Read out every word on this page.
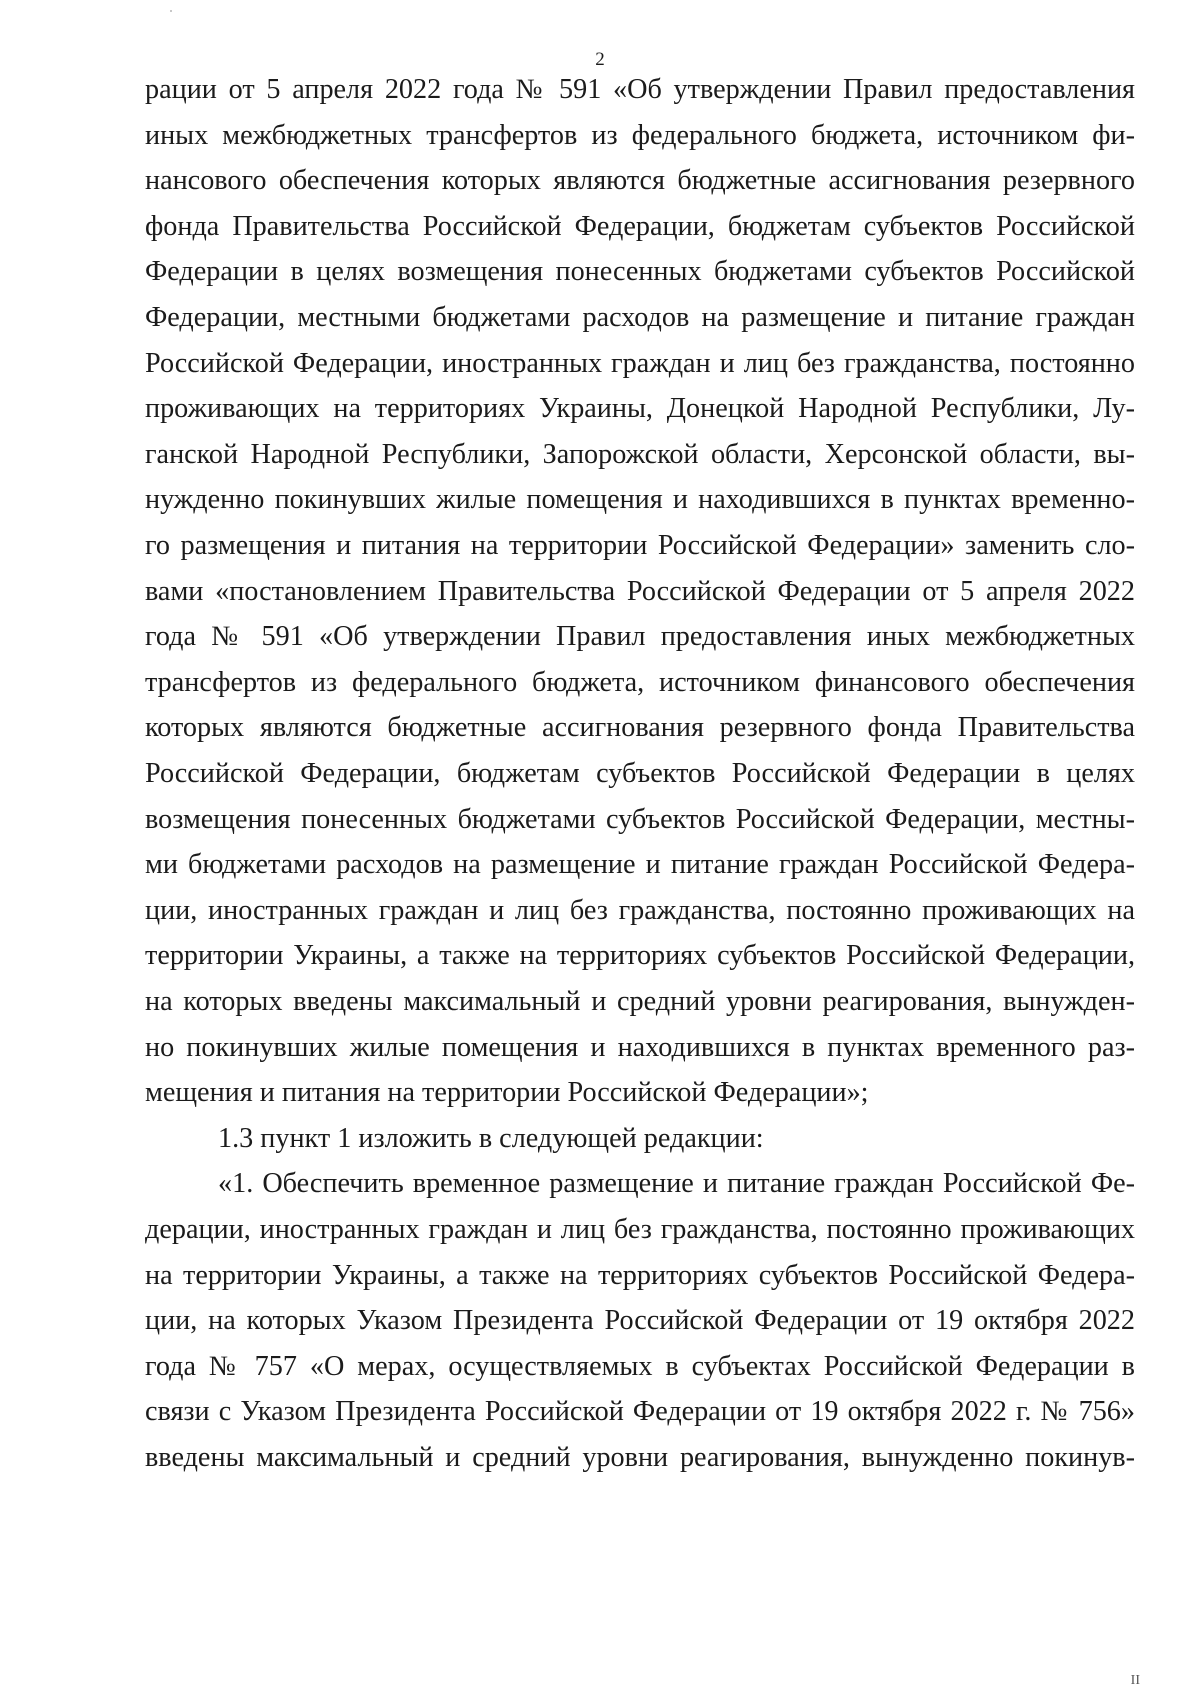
2
рации от 5 апреля 2022 года № 591 «Об утверждении Правил предоставления
иных межбюджетных трансфертов из федерального бюджета, источником фи-
нансового обеспечения которых являются бюджетные ассигнования резервного
фонда Правительства Российской Федерации, бюджетам субъектов Российской
Федерации в целях возмещения понесенных бюджетами субъектов Российской
Федерации, местными бюджетами расходов на размещение и питание граждан
Российской Федерации, иностранных граждан и лиц без гражданства, постоянно
проживающих на территориях Украины, Донецкой Народной Республики, Лу-
ганской Народной Республики, Запорожской области, Херсонской области, вы-
нужденно покинувших жилые помещения и находившихся в пунктах временно-
го размещения и питания на территории Российской Федерации» заменить сло-
вами «постановлением Правительства Российской Федерации от 5 апреля 2022
года № 591 «Об утверждении Правил предоставления иных межбюджетных
трансфертов из федерального бюджета, источником финансового обеспечения
которых являются бюджетные ассигнования резервного фонда Правительства
Российской Федерации, бюджетам субъектов Российской Федерации в целях
возмещения понесенных бюджетами субъектов Российской Федерации, местны-
ми бюджетами расходов на размещение и питание граждан Российской Федера-
ции, иностранных граждан и лиц без гражданства, постоянно проживающих на
территории Украины, а также на территориях субъектов Российской Федерации,
на которых введены максимальный и средний уровни реагирования, вынужден-
но покинувших жилые помещения и находившихся в пунктах временного раз-
мещения и питания на территории Российской Федерации»;
1.3 пункт 1 изложить в следующей редакции:
«1. Обеспечить временное размещение и питание граждан Российской Фе-
дерации, иностранных граждан и лиц без гражданства, постоянно проживающих
на территории Украины, а также на территориях субъектов Российской Федера-
ции, на которых Указом Президента Российской Федерации от 19 октября 2022
года № 757 «О мерах, осуществляемых в субъектах Российской Федерации в
связи с Указом Президента Российской Федерации от 19 октября 2022 г. № 756»
введены максимальный и средний уровни реагирования, вынужденно покинув-
II
